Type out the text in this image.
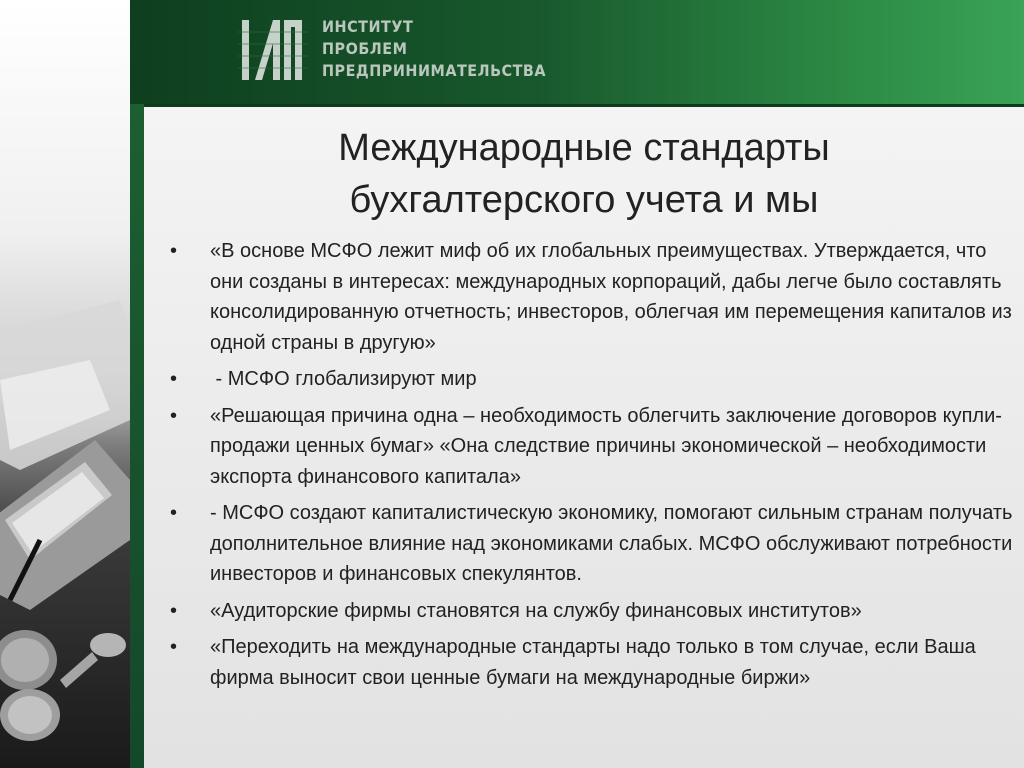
ИНСТИТУТ
ПРОБЛЕМ
ПРЕДПРИНИМАТЕЛЬСТВА
Международные стандарты
бухгалтерского учета и мы
• «В основе МСФО лежит миф об их глобальных преимуществах. Утверждается, что они созданы в интересах: международных корпораций, дабы легче было составлять консолидированную отчетность; инвесторов, облегчая им перемещения капиталов из одной страны в другую»
• - МСФО глобализируют мир
• «Решающая причина одна – необходимость облегчить заключение договоров купли-продажи ценных бумаг» «Она следствие причины экономической – необходимости экспорта финансового капитала»
• - МСФО создают капиталистическую экономику, помогают сильным странам получать дополнительное влияние над экономиками слабых. МСФО обслуживают потребности инвесторов и финансовых спекулянтов.
• «Аудиторские фирмы становятся на службу финансовых институтов»
• «Переходить на международные стандарты надо только в том случае, если Ваша фирма выносит свои ценные бумаги на международные биржи»
